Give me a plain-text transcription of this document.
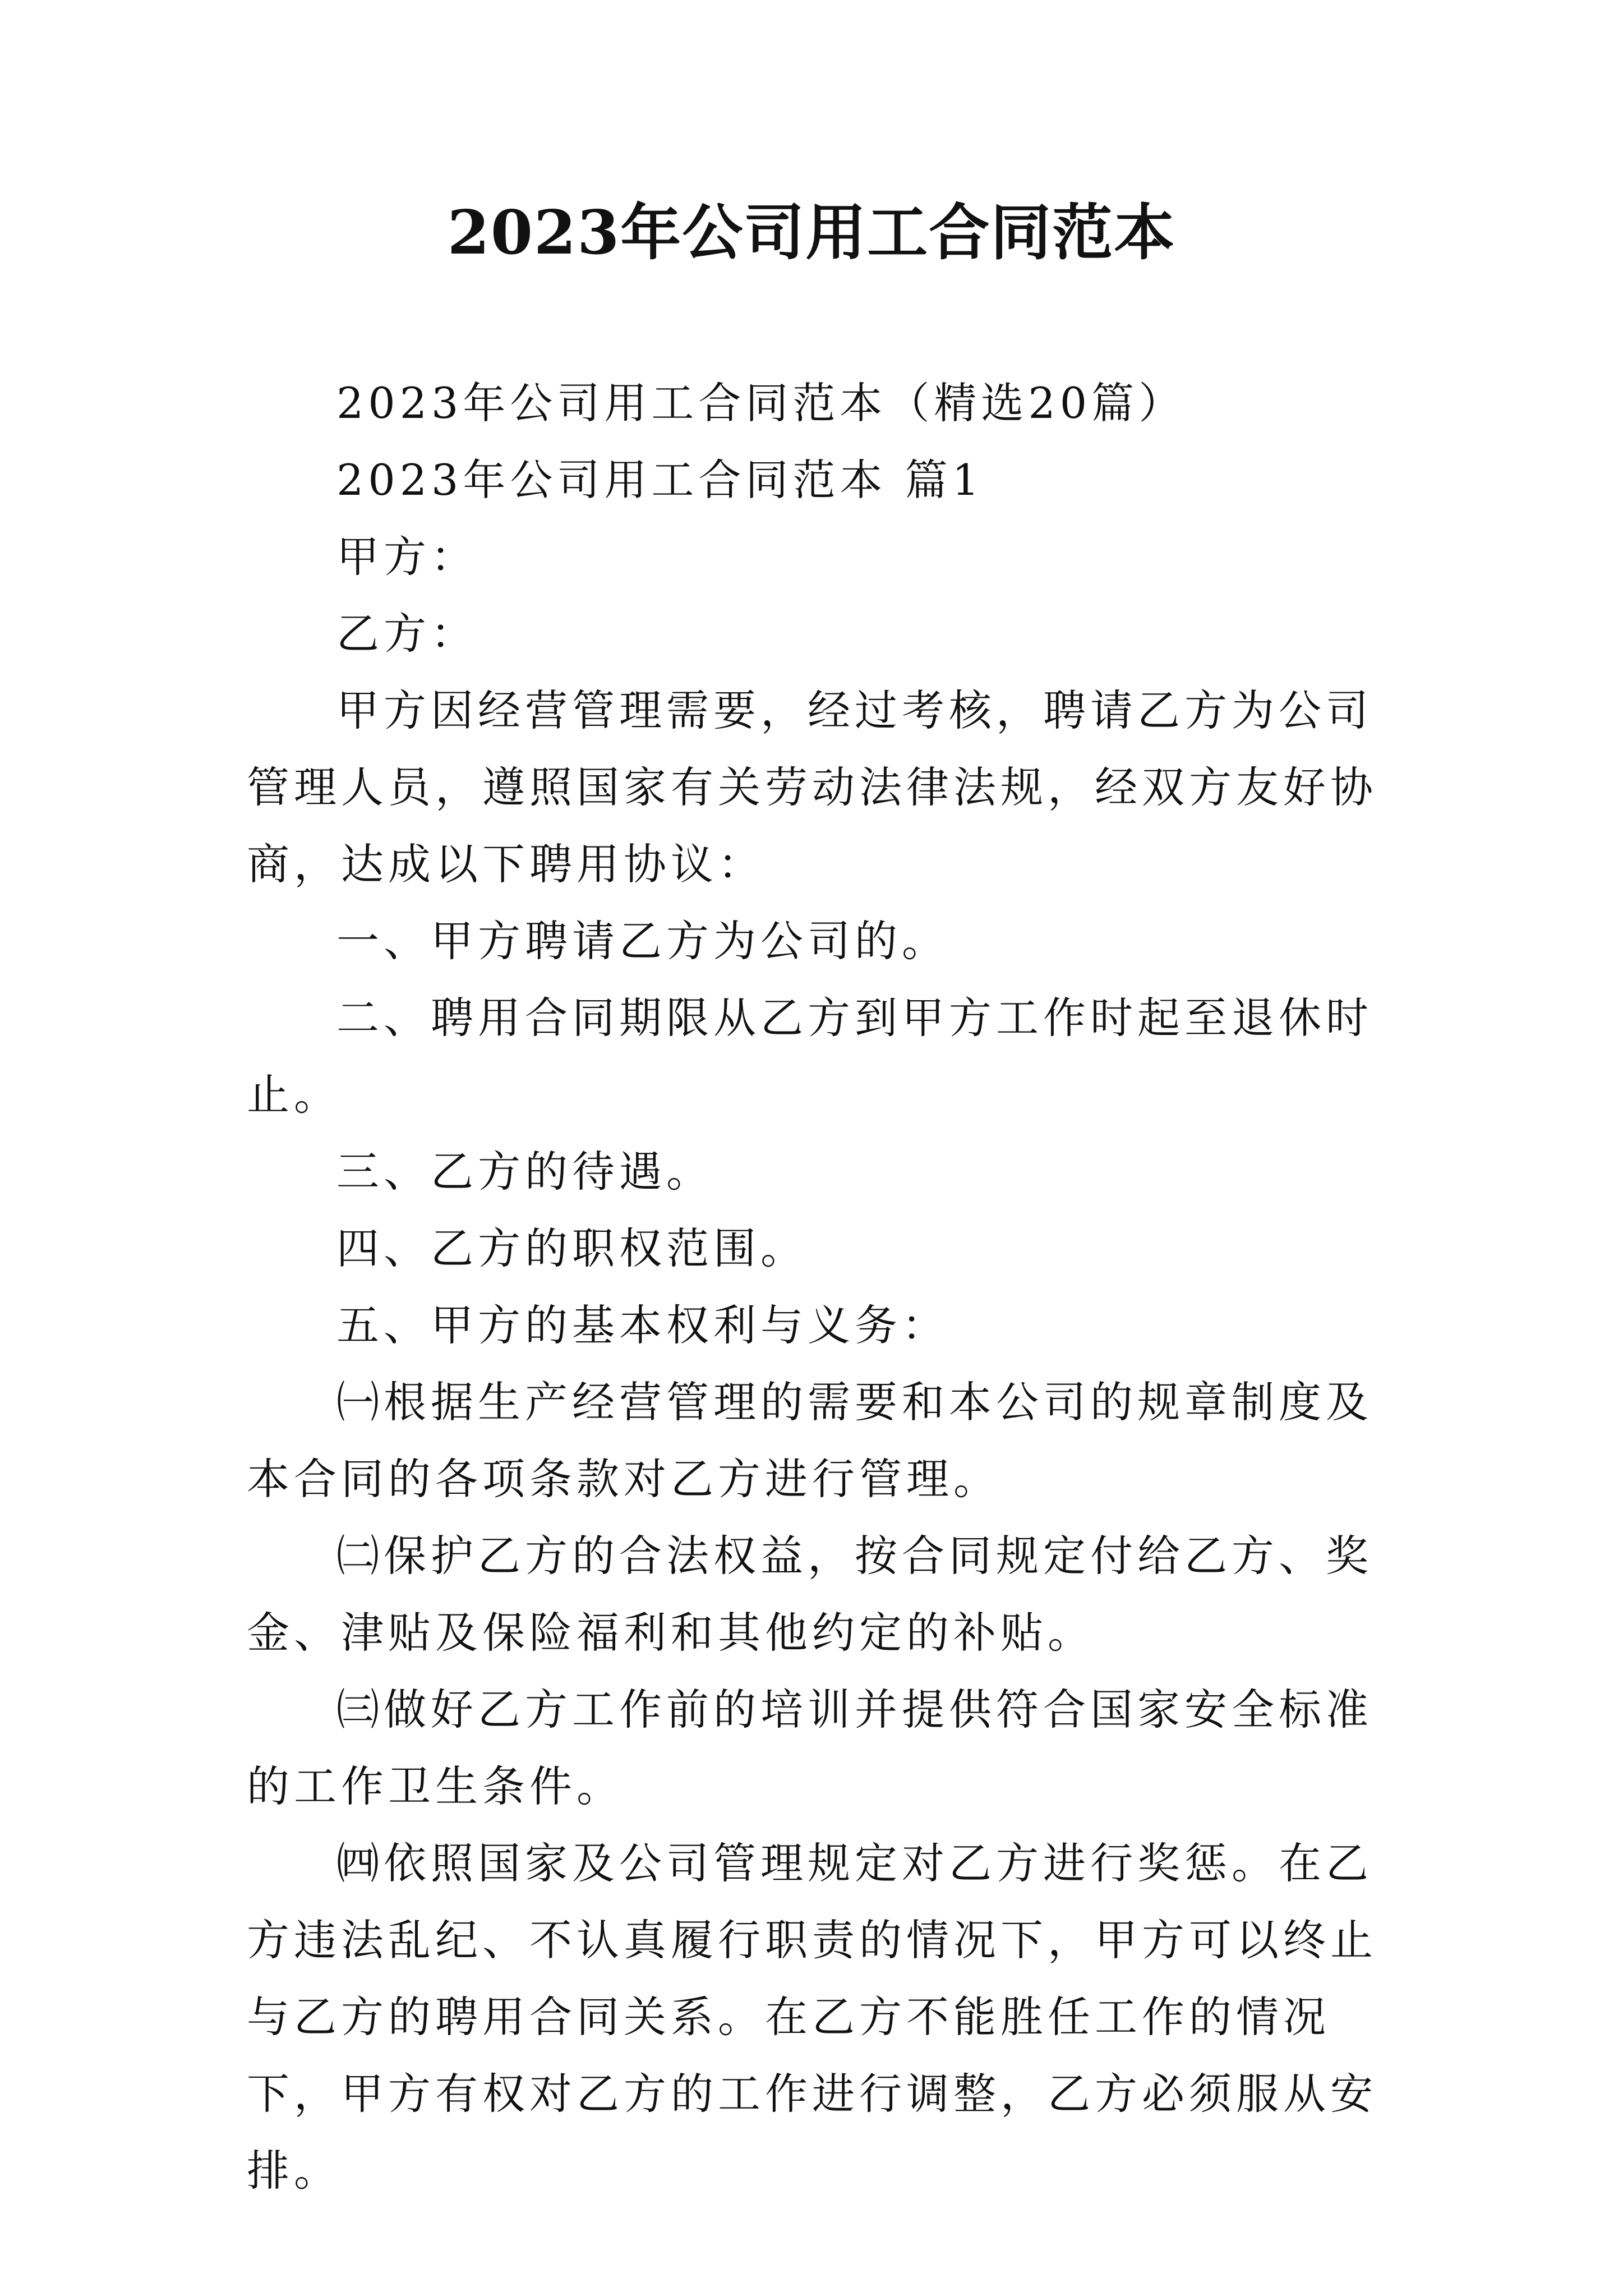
2023年公司用工合同范本

2023年公司用工合同范本（精选20篇）

2023年公司用工合同范本 篇1

甲方：

乙方：

甲方因经营管理需要，经过考核，聘请乙方为公司管理人员，遵照国家有关劳动法律法规，经双方友好协商，达成以下聘用协议：

一、甲方聘请乙方为公司的。

二、聘用合同期限从乙方到甲方工作时起至退休时止。

三、乙方的待遇。

四、乙方的职权范围。

五、甲方的基本权利与义务：

㈠根据生产经营管理的需要和本公司的规章制度及本合同的各项条款对乙方进行管理。

㈡保护乙方的合法权益，按合同规定付给乙方、奖金、津贴及保险福利和其他约定的补贴。

㈢做好乙方工作前的培训并提供符合国家安全标准的工作卫生条件。

㈣依照国家及公司管理规定对乙方进行奖惩。在乙方违法乱纪、不认真履行职责的情况下，甲方可以终止与乙方的聘用合同关系。在乙方不能胜任工作的情况下，甲方有权对乙方的工作进行调整，乙方必须服从安排。
